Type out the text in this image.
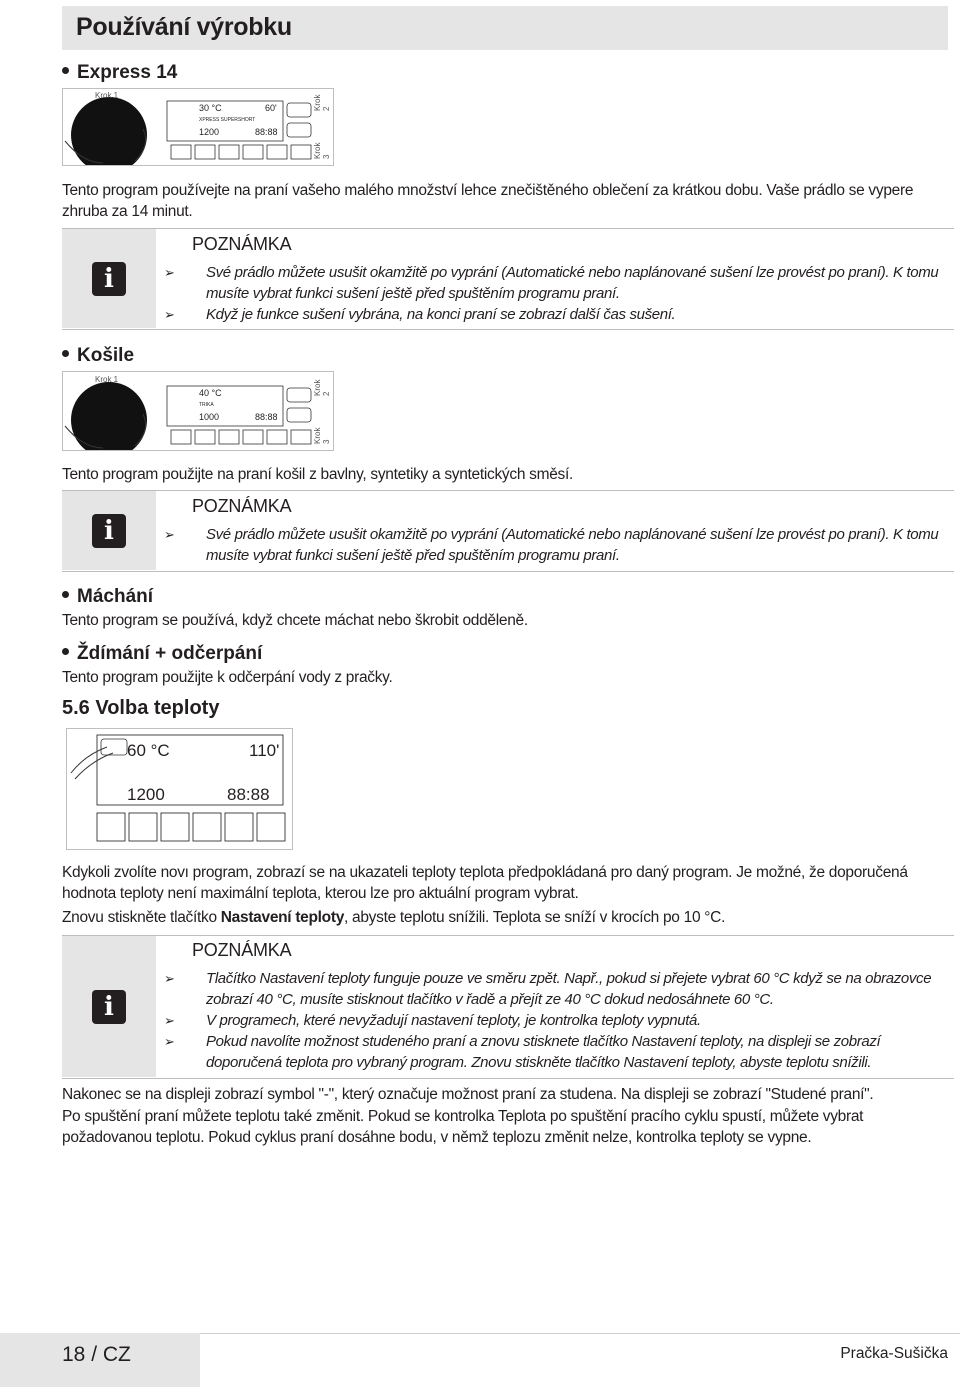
Používání výrobku
Express 14
Krok 1	Krok 2
Krok 3
30 °C	60'
XPRESS SUPERSHORT
1200	88:88
Tento program používejte na praní vašeho malého množství lehce znečištěného oblečení za krátkou dobu. Vaše prádlo se vypere zhruba za 14 minut.
i
POZNÁMKA
➢ Své prádlo můžete usušit okamžitě po vyprání (Automatické nebo naplánované sušení lze provést po praní). K tomu musíte vybrat funkci sušení ještě před spuštěním programu praní.
➢ Když je funkce sušení vybrána, na konci praní se zobrazí další čas sušení.
Košile
Krok 1
Krok 2
Krok 3
40 °C
TRIKA
1000	88:88
Tento program použijte na praní košil z bavlny, syntetiky a syntetických směsí.
i
POZNÁMKA
➢ Své prádlo můžete usušit okamžitě po vyprání (Automatické nebo naplánované sušení lze provést po praní). K tomu musíte vybrat funkci sušení ještě před spuštěním programu praní.
Máchání
Tento program se používá, když chcete máchat nebo škrobit odděleně.
Ždímání + odčerpání
Tento program použijte k odčerpání vody z pračky.
5.6 Volba teploty
60 °C	110'
1200	88:88
Kdykoli zvolíte novı program, zobrazí se na ukazateli teploty teplota předpokládaná pro daný program. Je možné, že doporučená hodnota teploty není maximální teplota, kterou lze pro aktuální program vybrat.
Znovu stiskněte tlačítko Nastavení teploty, abyste teplotu snížili. Teplota se sníží v krocích po 10 °C.
i
POZNÁMKA
➢ Tlačítko Nastavení teploty funguje pouze ve směru zpět. Např., pokud si přejete vybrat 60 °C když se na obrazovce zobrazí 40 °C, musíte stisknout tlačítko v řadě a přejít ze 40 °C dokud nedosáhnete 60 °C.
➢ V programech, které nevyžadují nastavení teploty, je kontrolka teploty vypnutá.
➢ Pokud navolíte možnost studeného praní a znovu stisknete tlačítko Nastavení teploty, na displeji se zobrazí doporučená teplota pro vybraný program. Znovu stiskněte tlačítko Nastavení teploty, abyste teplotu snížili.
Nakonec se na displeji zobrazí symbol "-", který označuje možnost praní za studena. Na displeji se zobrazí "Studené praní".
Po spuštění praní můžete teplotu také změnit. Pokud se kontrolka Teplota po spuštění pracího cyklu spustí, můžete vybrat požadovanou teplotu. Pokud cyklus praní dosáhne bodu, v němž teplozu změnit nelze, kontrolka teploty se vypne.
18 / CZ	Pračka-Sušička
